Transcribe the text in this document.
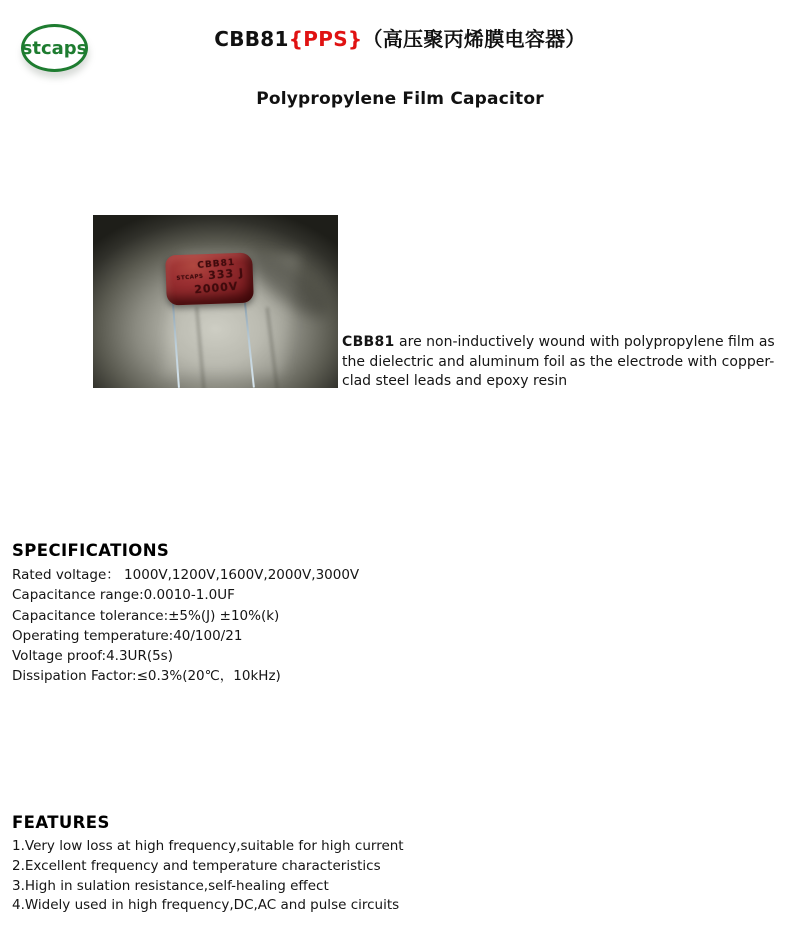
stcaps	CBB81{PPS}（高压聚丙烯膜电容器）
Polypropylene Film Capacitor
CBB81
STCAPS 333 J
2000V
CBB81 are non-inductively wound with polypropylene film as the dielectric and aluminum foil as the electrode with copper-clad steel leads and epoxy resin
SPECIFICATIONS
Rated voltage： 1000V,1200V,1600V,2000V,3000V
Capacitance range:0.0010-1.0UF
Capacitance tolerance:±5%(J) ±10%(k)
Operating temperature:40/100/21
Voltage proof:4.3UR(5s)
Dissipation Factor:≤0.3%(20℃，10kHz)
FEATURES
1.Very low loss at high frequency,suitable for high current
2.Excellent frequency and temperature characteristics
3.High in sulation resistance,self-healing effect
4.Widely used in high frequency,DC,AC and pulse circuits
